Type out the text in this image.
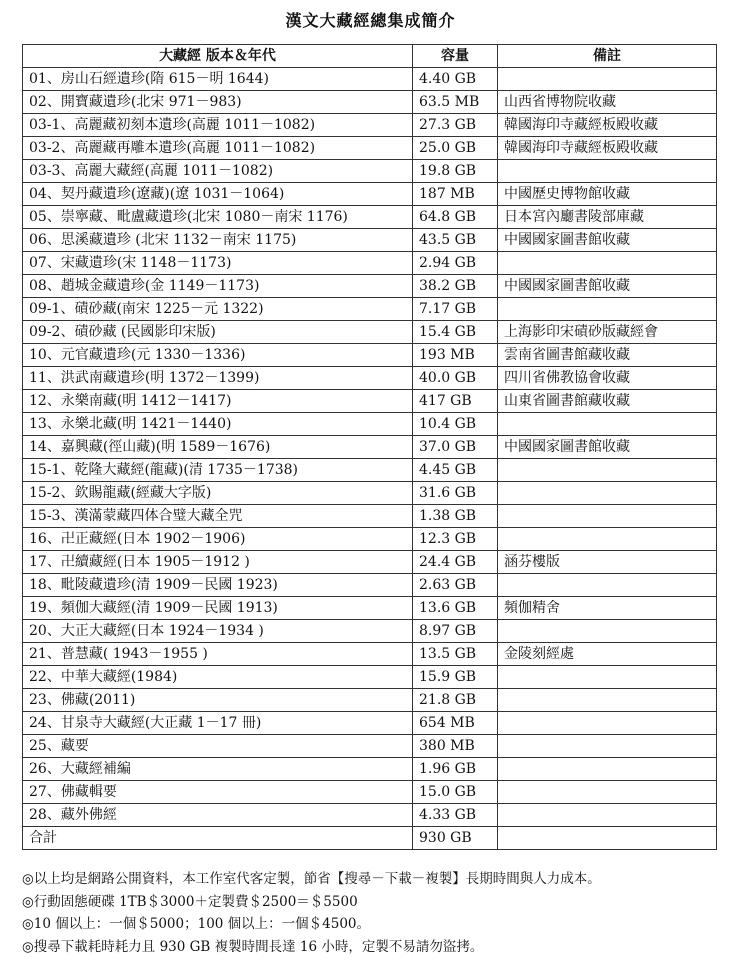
漢文大藏經總集成簡介
大藏經 版本＆年代	容量	備註
01、房山石經遺珍(隋 615－明 1644)	4.40 GB	
02、開寶藏遺珍(北宋 971－983)	63.5 MB	山西省博物院收藏
03-1、高麗藏初刻本遺珍(高麗 1011－1082)	27.3 GB	韓國海印寺藏經板殿收藏
03-2、高麗藏再雕本遺珍(高麗 1011－1082)	25.0 GB	韓國海印寺藏經板殿收藏
03-3、高麗大藏經(高麗 1011－1082)	19.8 GB	
04、契丹藏遺珍(遼藏)(遼 1031－1064)	187 MB	中國歷史博物館收藏
05、崇寧藏、毗盧藏遺珍(北宋 1080－南宋 1176)	64.8 GB	日本宮內廳書陵部庫藏
06、思溪藏遺珍 (北宋 1132－南宋 1175)	43.5 GB	中國國家圖書館收藏
07、宋藏遺珍(宋 1148－1173)	2.94 GB	
08、趙城金藏遺珍(金 1149－1173)	38.2 GB	中國國家圖書館收藏
09-1、磧砂藏(南宋 1225－元 1322)	7.17 GB	
09-2、磧砂藏 (民國影印宋版)	15.4 GB	上海影印宋磧砂版藏經會
10、元官藏遺珍(元 1330－1336)	193 MB	雲南省圖書館藏收藏
11、洪武南藏遺珍(明 1372－1399)	40.0 GB	四川省佛教協會收藏
12、永樂南藏(明 1412－1417)	417 GB	山東省圖書館藏收藏
13、永樂北藏(明 1421－1440)	10.4 GB	
14、嘉興藏(徑山藏)(明 1589－1676)	37.0 GB	中國國家圖書館收藏
15-1、乾隆大藏經(龍藏)(清 1735－1738)	4.45 GB	
15-2、欽賜龍藏(經藏大字版)	31.6 GB	
15-3、漢滿蒙藏四体合璧大藏全咒	1.38 GB	
16、卍正藏經(日本 1902－1906)	12.3 GB	
17、卍續藏經(日本 1905－1912 )	24.4 GB	涵芬樓版
18、毗陵藏遺珍(清 1909－民國 1923)	2.63 GB	
19、頻伽大藏經(清 1909－民國 1913)	13.6 GB	頻伽精舍
20、大正大藏經(日本 1924－1934 )	8.97 GB	
21、普慧藏( 1943－1955 )	13.5 GB	金陵刻經處
22、中華大藏經(1984)	15.9 GB	
23、佛藏(2011)	21.8 GB	
24、甘泉寺大藏經(大正藏 1－17 冊)	654 MB	
25、藏要	380 MB	
26、大藏經補編	1.96 GB	
27、佛藏輯要	15.0 GB	
28、藏外佛經	4.33 GB	
合計	930 GB	
◎以上均是網路公開資料，本工作室代客定製，節省【搜尋－下載－複製】長期時間與人力成本。
◎行動固態硬碟 1TB＄3000＋定製費＄2500＝＄5500
◎10 個以上：一個＄5000；100 個以上：一個＄4500。
◎搜尋下載耗時耗力且 930 GB 複製時間長達 16 小時，定製不易請勿盜拷。
